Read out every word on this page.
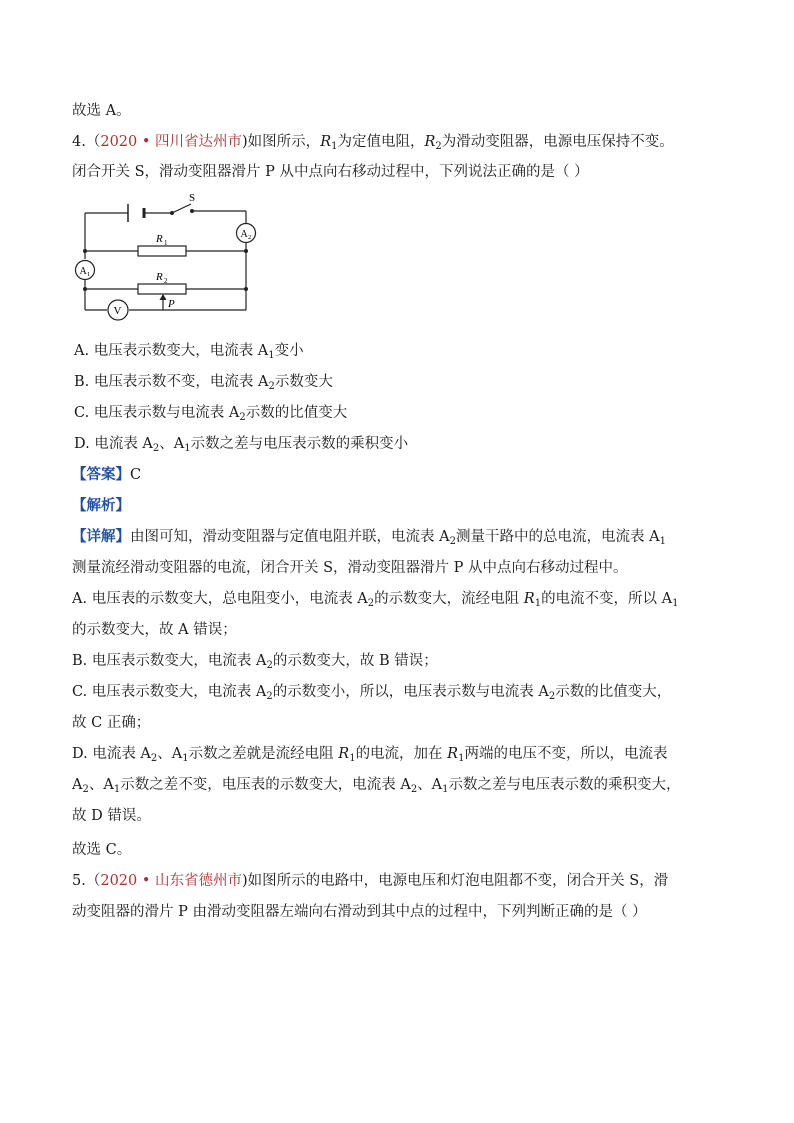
故选 A。
4.（2020 • 四川省达州市)如图所示，$R_1$为定值电阻，$R_2$为滑动变阻器，电源电压保持不变。
闭合开关 S，滑动变阻器滑片 P 从中点向右移动过程中，下列说法正确的是（ ）
S
A 2
A 1
R 1
R 2
P
V
A. 电压表示数变大，电流表 $A_1$变小
B. 电压表示数不变，电流表 $A_2$示数变大
C. 电压表示数与电流表 $A_2$示数的比值变大
D. 电流表 $A_2$、$A_1$示数之差与电压表示数的乘积变小
【答案】C
【解析】
【详解】由图可知，滑动变阻器与定值电阻并联，电流表 $A_2$测量干路中的总电流，电流表 $A_1$
测量流经滑动变阻器的电流，闭合开关 S，滑动变阻器滑片 P 从中点向右移动过程中。
A. 电压表的示数变大，总电阻变小，电流表 $A_2$的示数变大，流经电阻 $R_1$的电流不变，所以 $A_1$
的示数变大，故 A 错误；
B. 电压表示数变大，电流表 $A_2$的示数变大，故 B 错误；
C. 电压表示数变大，电流表 $A_2$的示数变小，所以，电压表示数与电流表 $A_2$示数的比值变大，
故 C 正确；
D. 电流表 $A_2$、$A_1$示数之差就是流经电阻 $R_1$的电流，加在 $R_1$两端的电压不变，所以，电流表
$A_2$、$A_1$示数之差不变，电压表的示数变大，电流表 $A_2$、$A_1$示数之差与电压表示数的乘积变大，
故 D 错误。
故选 C。
5.（2020 • 山东省德州市)如图所示的电路中，电源电压和灯泡电阻都不变，闭合开关 S，滑
动变阻器的滑片 P 由滑动变阻器左端向右滑动到其中点的过程中，下列判断正确的是（ ）
